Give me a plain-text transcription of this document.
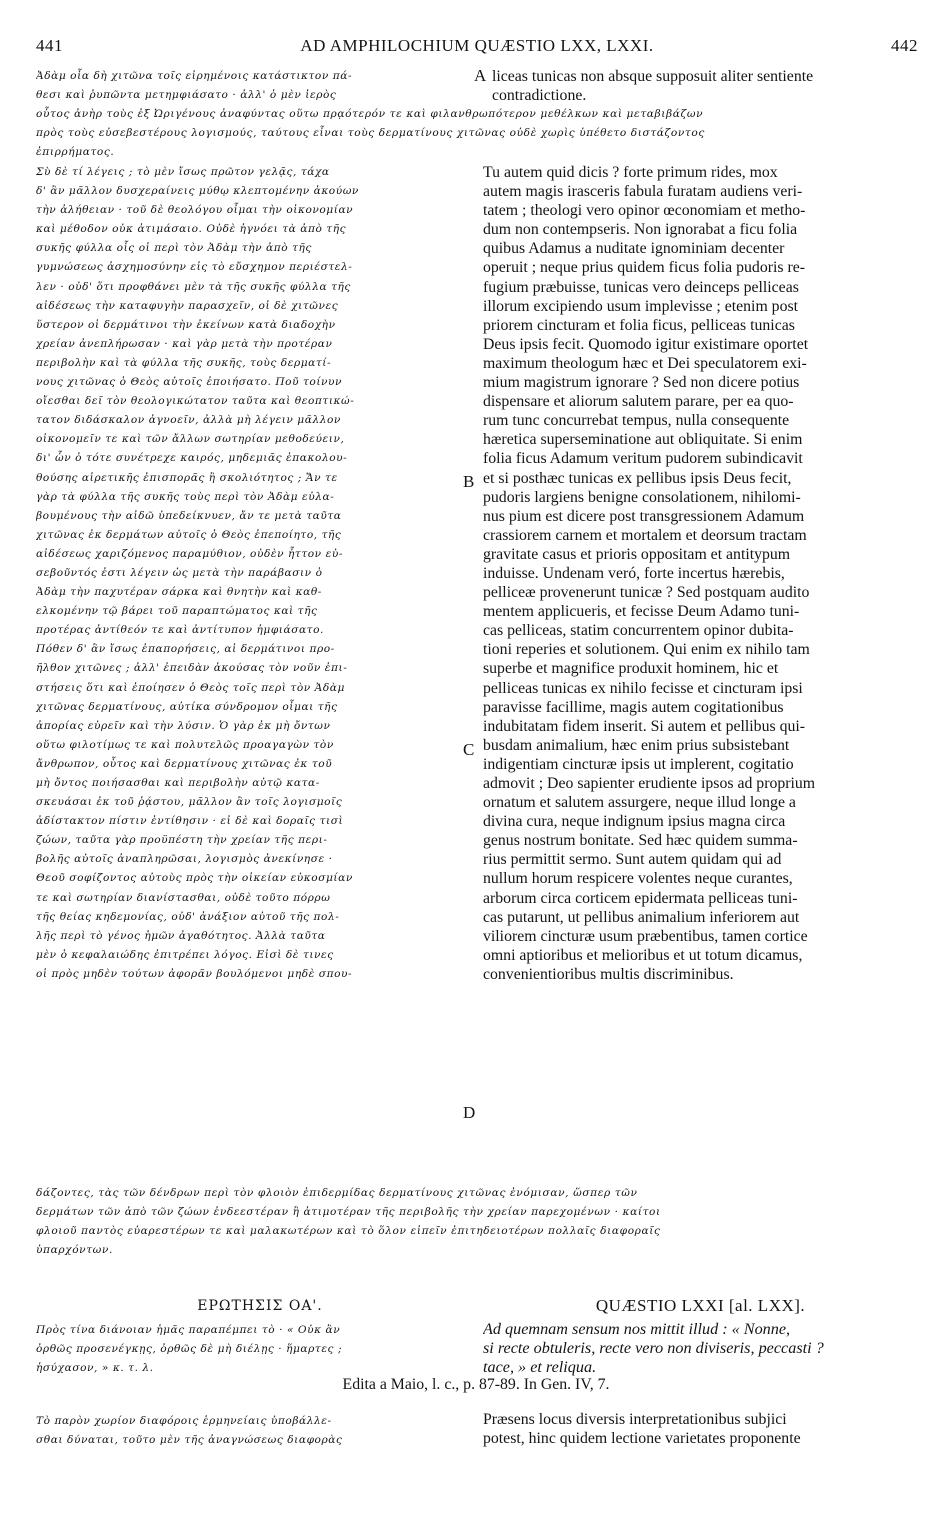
441	AD AMPHILOCHIUM QUÆSTIO LXX, LXXI.	442
Ἀδὰμ οἷα δὴ χιτῶνα τοῖς εἰρημένοις κατάστικτον πά-
θεσι καὶ ῥυπῶντα μετημφιάσατο · ἀλλ' ὁ μὲν ἱερὸς
A liceas tunicas non absque supposuit aliter sentiente
contradictione.
οὗτος ἀνὴρ τοὺς ἐξ Ὠριγένους ἀναφύντας οὕτω πρᾳότερόν τε καὶ φιλανθρωπότερον μεθέλκων καὶ μεταβιβάζων
πρὸς τοὺς εὐσεβεστέρους λογισμούς, ταύτους εἶναι τοὺς δερματίνους χιτῶνας οὐδὲ χωρὶς ὑπέθετο διστάζοντος
ἐπιρρήματος.
Σὺ δὲ τί λέγεις ; τὸ μὲν ἴσως πρῶτον γελᾷς, τάχα
δ' ἂν μᾶλλον δυσχεραίνεις μύθῳ κλεπτομένην ἀκούων
τὴν ἀλήθειαν · τοῦ δὲ θεολόγου οἶμαι τὴν οἰκονομίαν
καὶ μέθοδον οὐκ ἀτιμάσαιο. Οὐδὲ ἠγνόει τὰ ἀπὸ τῆς
συκῆς φύλλα οἷς οἱ περὶ τὸν Ἀδὰμ τὴν ἀπὸ τῆς
γυμνώσεως ἀσχημοσύνην εἰς τὸ εὔσχημον περιέστελ-
λεν · οὐδ' ὅτι προφθάνει μὲν τὰ τῆς συκῆς φύλλα τῆς
αἰδέσεως τὴν καταφυγὴν παρασχεῖν, οἱ δὲ χιτῶνες
ὕστερον οἱ δερμάτινοι τὴν ἐκείνων κατὰ διαδοχὴν
χρείαν ἀνεπλήρωσαν · καὶ γὰρ μετὰ τὴν προτέραν
περιβολὴν καὶ τὰ φύλλα τῆς συκῆς, τοὺς δερματί-
νους χιτῶνας ὁ Θεὸς αὐτοῖς ἐποιήσατο. Ποῦ τοίνυν
οἴεσθαι δεῖ τὸν θεολογικώτατον ταῦτα καὶ θεοπτικώ-
τατον διδάσκαλον ἀγνοεῖν, ἀλλὰ μὴ λέγειν μᾶλλον
οἰκονομεῖν τε καὶ τῶν ἄλλων σωτηρίαν μεθοδεύειν,
δι' ὧν ὁ τότε συνέτρεχε καιρός, μηδεμιᾶς ἐπακολου-
θούσης αἱρετικῆς ἐπισπορᾶς ἢ σκολιότητος ; Ἄν τε
γὰρ τὰ φύλλα τῆς συκῆς τοὺς περὶ τὸν Ἀδὰμ εὐλα-
βουμένους τὴν αἰδῶ ὑπεδείκνυεν, ἄν τε μετὰ ταῦτα
χιτῶνας ἐκ δερμάτων αὐτοῖς ὁ Θεὸς ἐπεποίητο, τῆς
αἰδέσεως χαριζόμενος παραμύθιον, οὐδὲν ἧττον εὐ-
σεβοῦντός ἐστι λέγειν ὡς μετὰ τὴν παράβασιν ὁ
Ἀδὰμ τὴν παχυτέραν σάρκα καὶ θνητὴν καὶ καθ-
ελκομένην τῷ βάρει τοῦ παραπτώματος καὶ τῆς
προτέρας ἀντίθεόν τε καὶ ἀντίτυπον ἠμφιάσατο.
Πόθεν δ' ἂν ἴσως ἐπαπορήσεις, αἱ δερμάτινοι προ-
ῆλθον χιτῶνες ; ἀλλ' ἐπειδὰν ἀκούσας τὸν νοῦν ἐπι-
στήσεις ὅτι καὶ ἐποίησεν ὁ Θεὸς τοῖς περὶ τὸν Ἀδὰμ
χιτῶνας δερματίνους, αὐτίκα σύνδρομον οἶμαι τῆς
ἀπορίας εὑρεῖν καὶ τὴν λύσιν. Ὁ γὰρ ἐκ μὴ ὄντων
οὕτω φιλοτίμως τε καὶ πολυτελῶς προαγαγὼν τὸν
ἄνθρωπον, οὗτος καὶ δερματίνους χιτῶνας ἐκ τοῦ
μὴ ὄντος ποιήσασθαι καὶ περιβολὴν αὐτῷ κατα-
σκευάσαι ἐκ τοῦ ῥᾴστου, μᾶλλον ἂν τοῖς λογισμοῖς
ἀδίστακτον πίστιν ἐντίθησιν · εἰ δὲ καὶ δοραῖς τισὶ
ζώων, ταῦτα γὰρ προϋπέστη τὴν χρείαν τῆς περι-
βολῆς αὐτοῖς ἀναπληρῶσαι, λογισμὸς ἀνεκίνησε ·
Θεοῦ σοφίζοντος αὐτοὺς πρὸς τὴν οἰκείαν εὐκοσμίαν
τε καὶ σωτηρίαν διανίστασθαι, οὐδὲ τοῦτο πόρρω
τῆς θείας κηδεμονίας, οὐδ' ἀνάξιον αὐτοῦ τῆς πολ-
λῆς περὶ τὸ γένος ἡμῶν ἀγαθότητος. Ἀλλὰ ταῦτα
μὲν ὁ κεφαλαιώδης ἐπιτρέπει λόγος. Εἰσὶ δὲ τινες
οἱ πρὸς μηδὲν τούτων ἀφορᾶν βουλόμενοι μηδὲ σπου-
B
C
D
Tu autem quid dicis ? forte primum rides, mox
autem magis irasceris fabula furatam audiens veri-
tatem ; theologi vero opinor œconomiam et metho-
dum non contempseris. Non ignorabat a ficu folia
quibus Adamus a nuditate ignominiam decenter
operuit ; neque prius quidem ficus folia pudoris re-
fugium præbuisse, tunicas vero deinceps pelliceas
illorum excipiendo usum implevisse ; etenim post
priorem cincturam et folia ficus, pelliceas tunicas
Deus ipsis fecit. Quomodo igitur existimare oportet
maximum theologum hæc et Dei speculatorem exi-
mium magistrum ignorare ? Sed non dicere potius
dispensare et aliorum salutem parare, per ea quo-
rum tunc concurrebat tempus, nulla consequente
hæretica superseminatione aut obliquitate. Si enim
folia ficus Adamum veritum pudorem subindicavit
et si posthæc tunicas ex pellibus ipsis Deus fecit,
pudoris largiens benigne consolationem, nihilomi-
nus pium est dicere post transgressionem Adamum
crassiorem carnem et mortalem et deorsum tractam
gravitate casus et prioris oppositam et antitypum
induisse. Undenam veró, forte incertus hærebis,
pelliceæ provenerunt tunicæ ? Sed postquam audito
mentem applicueris, et fecisse Deum Adamo tuni-
cas pelliceas, statim concurrentem opinor dubita-
tioni reperies et solutionem. Qui enim ex nihilo tam
superbe et magnifice produxit hominem, hic et
pelliceas tunicas ex nihilo fecisse et cincturam ipsi
paravisse facillime, magis autem cogitationibus
indubitatam fidem inserit. Si autem et pellibus qui-
busdam animalium, hæc enim prius subsistebant
indigentiam cincturæ ipsis ut implerent, cogitatio
admovit ; Deo sapienter erudiente ipsos ad proprium
ornatum et salutem assurgere, neque illud longe a
divina cura, neque indignum ipsius magna circa
genus nostrum bonitate. Sed hæc quidem summa-
rius permittit sermo. Sunt autem quidam qui ad
nullum horum respicere volentes neque curantes,
arborum circa corticem epidermata pelliceas tuni-
cas putarunt, ut pellibus animalium inferiorem aut
viliorem cincturæ usum præbentibus, tamen cortice
omni aptioribus et melioribus et ut totum dicamus,
convenientioribus multis discriminibus.
δάζοντες, τὰς τῶν δένδρων περὶ τὸν φλοιὸν ἐπιδερμίδας δερματίνους χιτῶνας ἐνόμισαν, ὥσπερ τῶν
δερμάτων τῶν ἀπὸ τῶν ζώων ἐνδεεστέραν ἢ ἀτιμοτέραν τῆς περιβολῆς τὴν χρείαν παρεχομένων · καίτοι
φλοιοῦ παντὸς εὐαρεστέρων τε καὶ μαλακωτέρων καὶ τὸ ὅλον εἰπεῖν ἐπιτηδειοτέρων πολλαῖς διαφοραῖς
ὑπαρχόντων.
ΕΡΩΤΗΣΙΣ ΟΑ'.	QUÆSTIO LXXI [al. LXX].
Πρὸς τίνα διάνοιαν ἡμᾶς παραπέμπει τὸ · « Οὐκ ἂν
ὀρθῶς προσενέγκῃς, ὀρθῶς δὲ μὴ διέλῃς · ἥμαρτες ;
ἡσύχασον, » κ. τ. λ.
Ad quemnam sensum nos mittit illud : « Nonne,
si recte obtuleris, recte vero non diviseris, peccasti ?
tace, » et reliqua.
Edita a Maio, l. c., p. 87-89. In Gen. IV, 7.
Τὸ παρὸν χωρίον διαφόροις ἑρμηνείαις ὑποβάλλε-
σθαι δύναται, τοῦτο μὲν τῆς ἀναγνώσεως διαφορὰς
Præsens locus diversis interpretationibus subjici
potest, hinc quidem lectione varietates proponente
